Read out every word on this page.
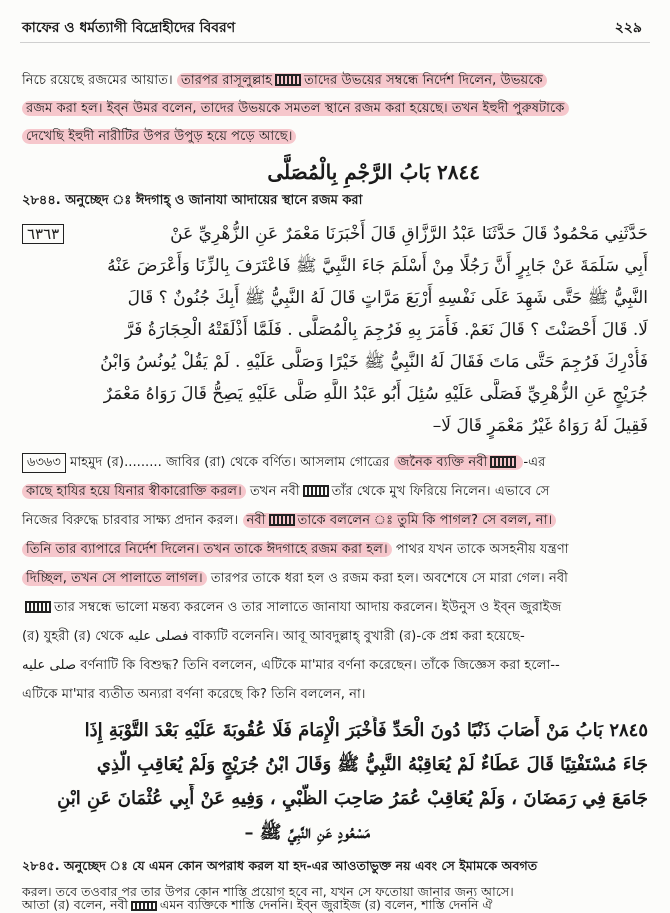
কাফের ও ধর্মত্যাগী বিদ্রোহীদের বিবরণ	২২৯
নিচে রয়েছে রজমের আয়াত। তারপর রাসূলুল্লাহ তাদের উভয়ের সম্বন্ধে নির্দেশ দিলেন, উভয়কে
রজম করা হল। ইব্‌ন উমর বলেন, তাদের উভয়কে সমতল স্থানে রজম করা হয়েছে। তখন ইহুদী পুরুষটাকে
দেখেছি ইহুদী নারীটির উপর উপুড় হয়ে পড়ে আছে।
٢٨٤٤ بَابُ الرَّجْمِ بِالْمُصَلَّى
২৮৪৪. অনুচ্ছেদ ঃ ঈদগাহ্‌ ও জানাযা আদায়ের স্থানে রজম করা
٦٣٦٣	حَدَّثَنِي مَحْمُودٌ قَالَ حَدَّثَنَا عَبْدُ الرَّزَّاقِ قَالَ أَخْبَرَنَا مَعْمَرٌ عَنِ الزُّهْرِيِّ عَنْ
أَبِي سَلَمَةَ عَنْ جَابِرٍ أَنَّ رَجُلًا مِنْ أَسْلَمَ جَاءَ النَّبِيَّ ﷺ فَاعْتَرَفَ بِالزِّنَا وَأَعْرَضَ عَنْهُ
النَّبِيُّ ﷺ حَتَّى شَهِدَ عَلَى نَفْسِهِ أَرْبَعَ مَرَّاتٍ قَالَ لَهُ النَّبِيُّ ﷺ أَبِكَ جُنُونٌ ؟ قَالَ
لَا. قَالَ أَحْصَنْتَ ؟ قَالَ نَعَمْ. فَأَمَرَ بِهِ فَرُجِمَ بِالْمُصَلَّى . فَلَمَّا أَذْلَقَتْهُ الْحِجَارَةُ فَرَّ
فَأُدْرِكَ فَرُجِمَ حَتَّى مَاتَ فَقَالَ لَهُ النَّبِيُّ ﷺ خَيْرًا وَصَلَّى عَلَيْهِ . لَمْ يَقُلْ يُونُسُ وَابْنُ
جُرَيْجٍ عَنِ الزُّهْرِيِّ فَصَلَّى عَلَيْهِ سُئِلَ أَبُو عَبْدُ اللَّهِ صَلَّى عَلَيْهِ يَصِحُّ قَالَ رَوَاهُ مَعْمَرٌ
فَقِيلَ لَهُ رَوَاهُ غَيْرُ مَعْمَرٍ قَالَ لَا–
৬৩৬৩ মাহমুদ (র)......... জাবির (রা) থেকে বর্ণিত। আসলাম গোত্রের জনৈক ব্যক্তি নবী	-এর
কাছে হাযির হয়ে যিনার স্বীকারোক্তি করল। তখন নবী তাঁর থেকে মুখ ফিরিয়ে নিলেন। এভাবে সে
নিজের বিরুদ্ধে চারবার সাক্ষ্য প্রদান করল। নবী তাকে বললেন ঃ তুমি কি পাগল? সে বলল, না।
তিনি তার ব্যাপারে নির্দেশ দিলেন। তখন তাকে ঈদগাহে রজম করা হল। পাথর যখন তাকে অসহনীয় যন্ত্রণা
দিচ্ছিল, তখন সে পালাতে লাগল। তারপর তাকে ধরা হল ও রজম করা হল। অবশেষে সে মারা গেল। নবী
তার সম্বন্ধে ভালো মন্তব্য করলেন ও তার সালাতে জানাযা আদায় করলেন। ইউনুস ও ইব্‌ন জুরাইজ
(র) যুহরী (র) থেকে فصلى عليه বাক্যটি বলেননি। আবূ আবদুল্লাহ্‌ বুখারী (র)-কে প্রশ্ন করা হয়েছে-
صلى عليه বর্ণনাটি কি বিশুদ্ধ? তিনি বললেন, এটিকে মা'মার বর্ণনা করেছেন। তাঁকে জিজ্ঞেস করা হলো--
এটিকে মা'মার ব্যতীত অন্যরা বর্ণনা করেছে কি? তিনি বললেন, না।
٢٨٤٥ بَابُ مَنْ أَصَابَ ذَنْبًا دُونَ الْحَدِّ فَأَخْبَرَ الْإِمَامَ فَلَا عُقُوبَةَ عَلَيْهِ بَعْدَ التَّوْبَةِ إِذَا
جَاءَ مُسْتَفْتِيًا قَالَ عَطَاءٌ لَمْ يُعَاقِبْهُ النَّبِيُّ ﷺ وَقَالَ ابْنُ جُرَيْجٍ وَلَمْ يُعَاقِبِ الَّذِي
جَامَعَ فِي رَمَضَانَ ، وَلَمْ يُعَاقِبْ عُمَرُ صَاحِبَ الظَّبْيِ ، وَفِيهِ عَنْ أَبِي عُثْمَانَ عَنِ ابْنِ
مَسْعُودٍ عَنِ النَّبِيِّ ﷺ –
২৮৪৫. অনুচ্ছেদ ঃ যে এমন কোন অপরাধ করল যা হদ-এর আওতাভুক্ত নয় এবং সে ইমামকে অবগত
করল। তবে তওবার পর তার উপর কোন শাস্তি প্রয়োগ হবে না, যখন সে ফতোয়া জানার জন্য আসে।
আতা (র) বলেন, নবী	এমন ব্যক্তিকে শাস্তি দেননি। ইব্‌ন জুরাইজ (র) বলেন, শাস্তি দেননি ঐ
